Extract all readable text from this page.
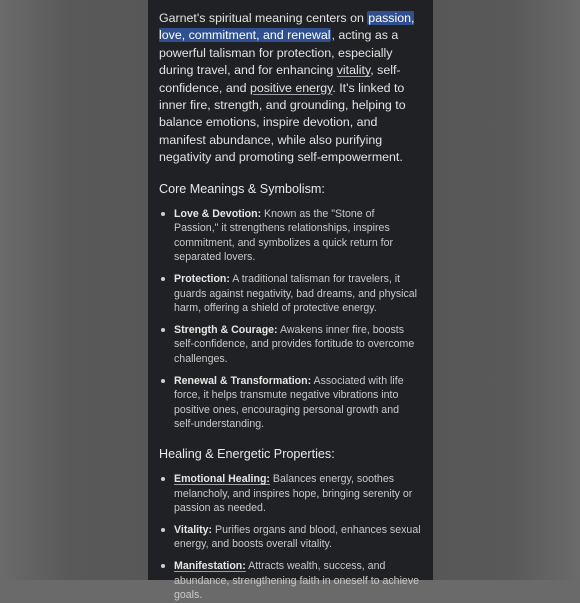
Garnet's spiritual meaning centers on passion, love, commitment, and renewal, acting as a powerful talisman for protection, especially during travel, and for enhancing vitality, self-confidence, and positive energy. It's linked to inner fire, strength, and grounding, helping to balance emotions, inspire devotion, and manifest abundance, while also purifying negativity and promoting self-empowerment.

Core Meanings & Symbolism:
Love & Devotion: Known as the "Stone of Passion," it strengthens relationships, inspires commitment, and symbolizes a quick return for separated lovers.
Protection: A traditional talisman for travelers, it guards against negativity, bad dreams, and physical harm, offering a shield of protective energy.
Strength & Courage: Awakens inner fire, boosts self-confidence, and provides fortitude to overcome challenges.
Renewal & Transformation: Associated with life force, it helps transmute negative vibrations into positive ones, encouraging personal growth and self-understanding.
Healing & Energetic Properties:
Emotional Healing: Balances energy, soothes melancholy, and inspires hope, bringing serenity or passion as needed.
Vitality: Purifies organs and blood, enhances sexual energy, and boosts overall vitality.
Manifestation: Attracts wealth, success, and abundance, strengthening faith in oneself to achieve goals.
